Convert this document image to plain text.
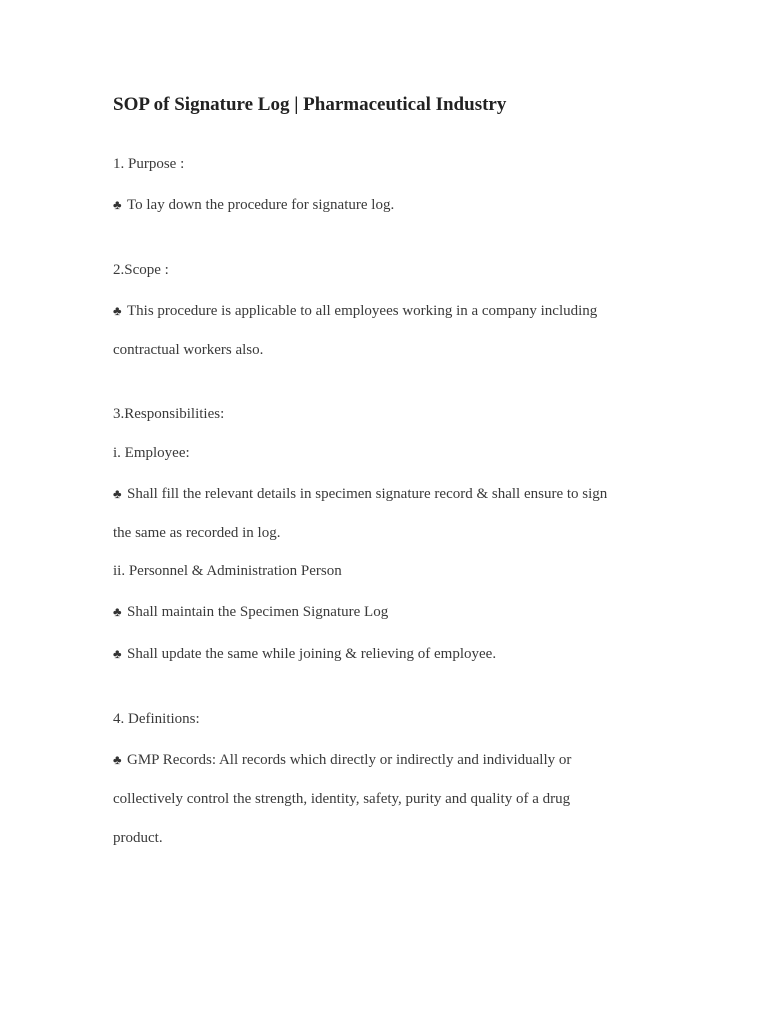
SOP of Signature Log | Pharmaceutical Industry
1. Purpose :
♣ To lay down the procedure for signature log.
2.Scope :
♣ This procedure is applicable to all employees working in a company including
contractual workers also.
3.Responsibilities:
i. Employee:
♣ Shall fill the relevant details in specimen signature record & shall ensure to sign
the same as recorded in log.
ii. Personnel & Administration Person
♣ Shall maintain the Specimen Signature Log
♣ Shall update the same while joining & relieving of employee.
4. Definitions:
♣ GMP Records: All records which directly or indirectly and individually or
collectively control the strength, identity, safety, purity and quality of a drug
product.
